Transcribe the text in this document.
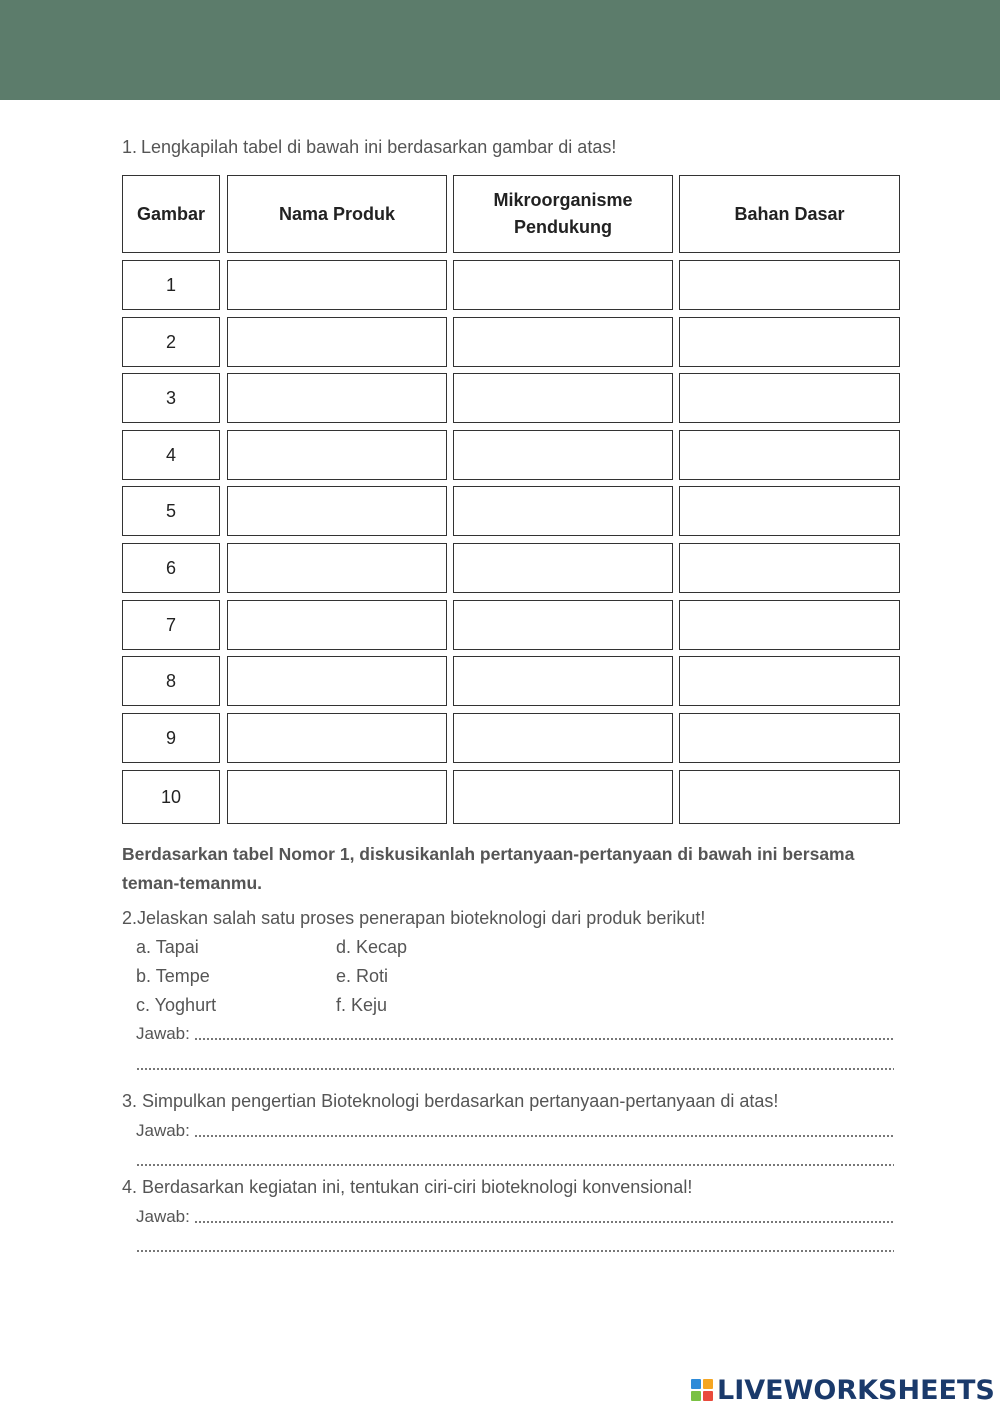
1. Lengkapilah tabel di bawah ini berdasarkan gambar di atas!
Gambar	Nama Produk
Mikroorganisme Pendukung
Bahan Dasar
1
2
3
4
5
6
7
8
9
10
Berdasarkan tabel Nomor 1, diskusikanlah pertanyaan-pertanyaan di bawah ini bersama teman-temanmu.
2.Jelaskan salah satu proses penerapan bioteknologi dari produk berikut!
a. Tapai
b. Tempe
c. Yoghurt
d. Kecap
e. Roti
f. Keju
Jawab:
3. Simpulkan pengertian Bioteknologi berdasarkan pertanyaan-pertanyaan di atas!
Jawab:
4. Berdasarkan kegiatan ini, tentukan ciri-ciri bioteknologi konvensional!
Jawab:
LIVEWORKSHEETS
